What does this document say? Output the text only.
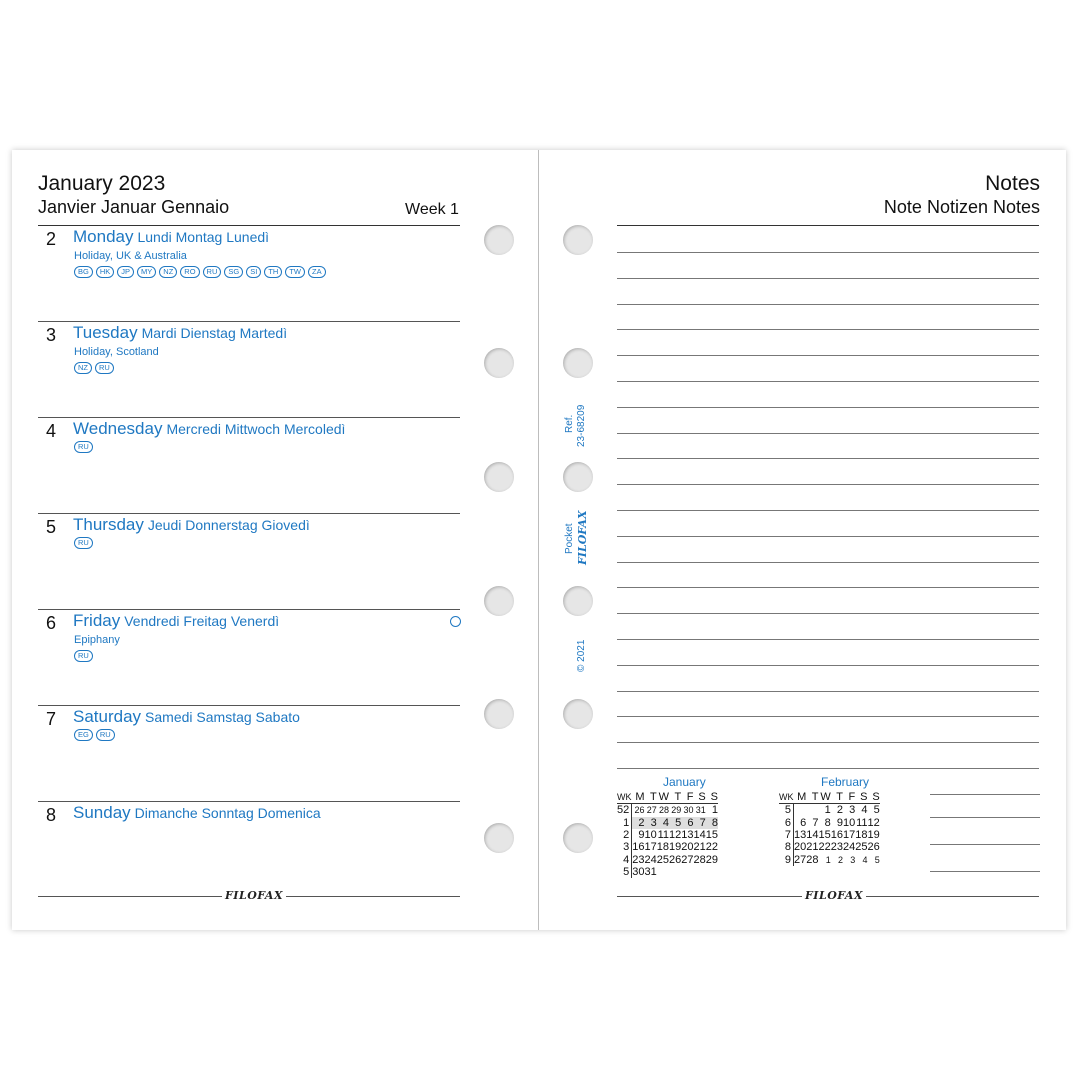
January 2023
Janvier Januar Gennaio	Week 1
2 Monday Lundi Montag Lunedì
Holiday, UK & Australia
BG	HK	JP	MY	NZ	RO	RU	SG	SI	TH	TW	ZA
3 Tuesday Mardi Dienstag Martedì
Holiday, Scotland
NZ	RU
4 Wednesday Mercredi Mittwoch Mercoledì
RU
5 Thursday Jeudi Donnerstag Giovedì
RU
6 Friday Vendredi Freitag Venerdì
Epiphany
RU
7 Saturday Samedi Samstag Sabato
EG	RU
8 Sunday Dimanche Sonntag Domenica
FILOFAX
Ref. 23-68209
Pocket FILOFAX
© 2021
Notes
Note Notizen Notes
January
WK	M	T	W	T	F	S	S
52	26	27	28	29	30	31	1
1	2	3	4	5	6	7	8
2	9	10	11	12	13	14	15
3	16	17	18	19	20	21	22
4	23	24	25	26	27	28	29
5	30	31					
February
WK	M	T	W	T	F	S	S
5			1	2	3	4	5
6	6	7	8	9	10	11	12
7	13	14	15	16	17	18	19
8	20	21	22	23	24	25	26
9	27	28	1	2	3	4	5
FILOFAX
